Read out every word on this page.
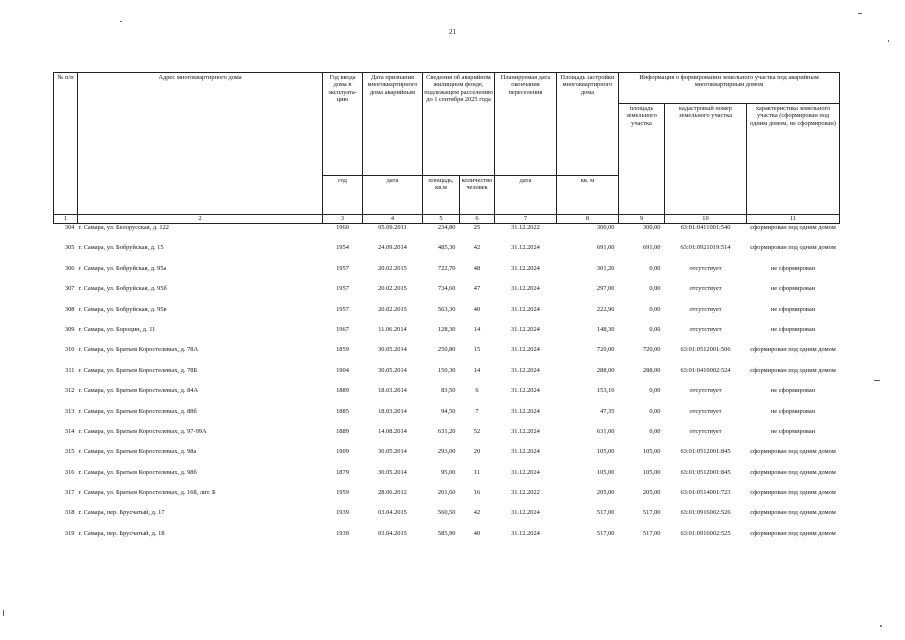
21
№ п/п	Адрес многоквартирного дома	Год ввода дома в эксплуата-цию	Дата признания многоквартирного дома аварийным	Сведения об аварийном жилищном фонде, подлежащем расселению до 1 сентября 2025 года		Планируемая дата окончания переселения	Площадь застройки многоквартирного дома	Информация о формировании земельного участка под аварийным многоквартирным домом		
								площадь земельного участка	кадастровый номер земельного участка	характеристика земельного участка (сформирован под одним домом, не сформирован)
		год	дата	площадь, кв.м	количество человек	дата	кв. м			
1	2	3	4	5	6	7	8	9	10	11
304	г. Самара, ул. Белорусская, д. 122	1960	05.09.2011	234,80	25	31.12.2022	300,00	300,00	63:01:0411001:540	сформирован под одним домом
305	г. Самара, ул. Бобруйская, д. 15	1954	24.09.2014	485,30	42	31.12.2024	691,00	691,00	63:01:0921019:514	сформирован под одним домом
306	г. Самара, ул. Бобруйская, д. 95а	1957	20.02.2015	722,70	48	31.12.2024	301,20	0,00	отсутствует	не сформирован
307	г. Самара, ул. Бобруйская, д. 95б	1957	20.02.2015	734,60	47	31.12.2024	297,00	0,00	отсутствует	не сформирован
308	г. Самара, ул. Бобруйская, д. 95в	1957	20.02.2015	563,30	40	31.12.2024	222,90	0,00	отсутствует	не сформирован
309	г. Самара, ул. Бороцин, д. 11	1967	11.06.2014	128,30	14	31.12.2024	148,30	0,00	отсутствует	не сформирован
310	г. Самара, ул. Братьев Коростелевых, д. 78А	1859	30.05.2014	250,80	15	31.12.2024	720,00	720,00	63:01:0512001:506	сформирован под одним домом
311	г. Самара, ул. Братьев Коростелевых, д. 78Б	1904	30.05.2014	150,30	14	31.12.2024	288,00	288,00	63:01:0410002:524	сформирован под одним домом
312	г. Самара, ул. Братьев Коростелевых, д. 84А	1889	18.03.2014	83,50	6	31.12.2024	153,10	0,00	отсутствует	не сформирован
313	г. Самара, ул. Братьев Коростелевых, д. 88б	1885	18.03.2014	94,50	7	31.12.2024	47,35	0,00	отсутствует	не сформирован
314	г. Самара, ул. Братьев Коростелевых, д. 97-99А	1889	14.08.2014	631,20	52	31.12.2024	631,00	0,00	отсутствует	не сформирован
315	г. Самара, ул. Братьев Коростелевых, д. 98а	1909	30.05.2014	293,00	20	31.12.2024	105,00	105,00	63:01:0512001:845	сформирован под одним домом
316	г. Самара, ул. Братьев Коростелевых, д. 98б	1879	30.05.2014	95,00	11	31.12.2024	105,00	105,00	63:01:0512001:845	сформирован под одним домом
317	г. Самара, ул. Братьев Коростелевых, д. 168, лит. Б	1959	28.06.2012	201,60	16	31.12.2022	205,00	205,00	63:01:0514001:723	сформирован под одним домом
318	г. Самара, пер. Брусчатый, д. 17	1939	03.04.2015	560,50	42	31.12.2024	517,00	517,00	63:01:0916002:526	сформирован под одним домом
319	г. Самара, пер. Брусчатый, д. 18	1939	03.04.2015	585,90	40	31.12.2024	517,00	517,00	63:01:0916002:525	сформирован под одним домом
